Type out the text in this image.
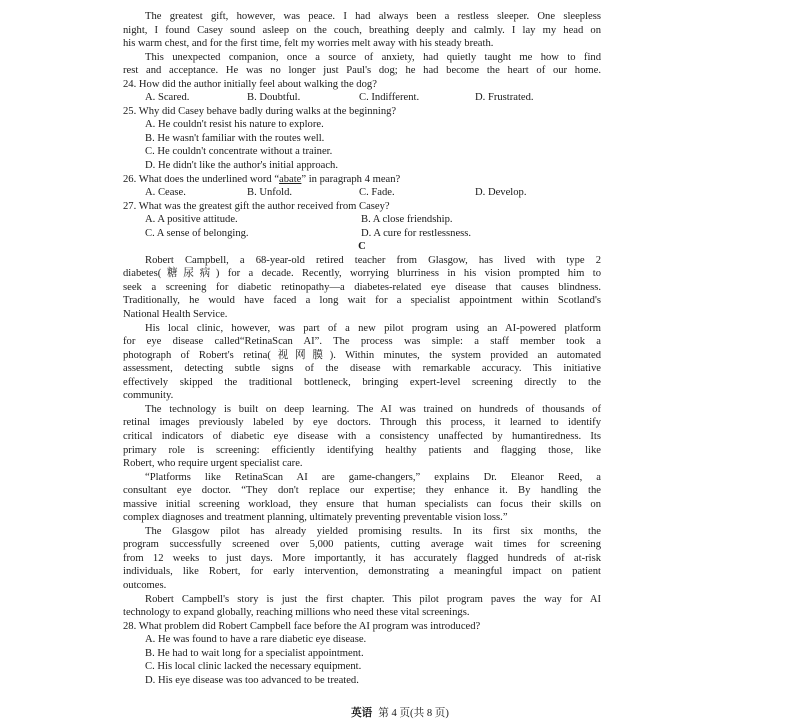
The greatest gift, however, was peace. I had always been a restless sleeper. One sleepless
night, I found Casey sound asleep on the couch, breathing deeply and calmly. I lay my head on
his warm chest, and for the first time, felt my worries melt away with his steady breath.
This unexpected companion, once a source of anxiety, had quietly taught me how to find
rest and acceptance. He was no longer just Paul's dog; he had become the heart of our home.
24. How did the author initially feel about walking the dog?
A. Scared.	B. Doubtful.	C. Indifferent.	D. Frustrated.
25. Why did Casey behave badly during walks at the beginning?
A. He couldn't resist his nature to explore.
B. He wasn't familiar with the routes well.
C. He couldn't concentrate without a trainer.
D. He didn't like the author's initial approach.
26. What does the underlined word “abate” in paragraph 4 mean?
A. Cease.	B. Unfold.	C. Fade.	D. Develop.
27. What was the greatest gift the author received from Casey?
A. A positive attitude.	B. A close friendship.
C. A sense of belonging.	D. A cure for restlessness.
C
Robert Campbell, a 68-year-old retired teacher from Glasgow, has lived with type 2
diabetes(糖尿病) for a decade. Recently, worrying blurriness in his vision prompted him to
seek a screening for diabetic retinopathy—a diabetes-related eye disease that causes blindness.
Traditionally, he would have faced a long wait for a specialist appointment within Scotland's
National Health Service.
His local clinic, however, was part of a new pilot program using an AI-powered platform
for eye disease called“RetinaScan AI”. The process was simple: a staff member took a
photograph of Robert's retina(视网膜). Within minutes, the system provided an automated
assessment, detecting subtle signs of the disease with remarkable accuracy. This initiative
effectively skipped the traditional bottleneck, bringing expert-level screening directly to the
community.
The technology is built on deep learning. The AI was trained on hundreds of thousands of
retinal images previously labeled by eye doctors. Through this process, it learned to identify
critical indicators of diabetic eye disease with a consistency unaffected by humantiredness. Its
primary role is screening: efficiently identifying healthy patients and flagging those, like
Robert, who require urgent specialist care.
“Platforms like RetinaScan AI are game-changers,” explains Dr. Eleanor Reed, a
consultant eye doctor. “They don't replace our expertise; they enhance it. By handling the
massive initial screening workload, they ensure that human specialists can focus their skills on
complex diagnoses and treatment planning, ultimately preventing preventable vision loss.”
The Glasgow pilot has already yielded promising results. In its first six months, the
program successfully screened over 5,000 patients, cutting average wait times for screening
from 12 weeks to just days. More importantly, it has accurately flagged hundreds of at-risk
individuals, like Robert, for early intervention, demonstrating a meaningful impact on patient
outcomes.
Robert Campbell's story is just the first chapter. This pilot program paves the way for AI
technology to expand globally, reaching millions who need these vital screenings.
28. What problem did Robert Campbell face before the AI program was introduced?
A. He was found to have a rare diabetic eye disease.
B. He had to wait long for a specialist appointment.
C. His local clinic lacked the necessary equipment.
D. His eye disease was too advanced to be treated.
英语 第 4 页(共 8 页)
